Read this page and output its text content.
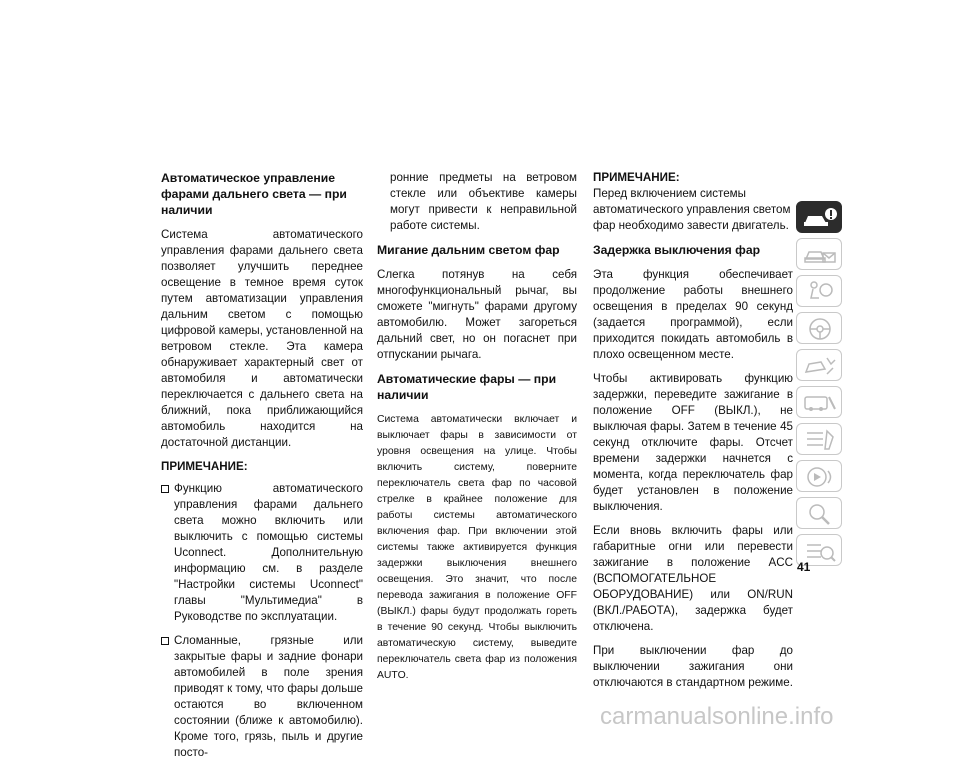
Автоматическое управление фарами дальнего света — при наличии

Система автоматического управления фарами дальнего света позволяет улучшить переднее освещение в темное время суток путем автоматизации управления дальним светом с помощью цифровой камеры, установленной на ветровом стекле. Эта камера обнаруживает характерный свет от автомобиля и автоматически переключается с дальнего света на ближний, пока приближающийся автомобиль находится на достаточной дистанции.

ПРИМЕЧАНИЕ:
Функцию автоматического управления фарами дальнего света можно включить или выключить с помощью системы Uconnect. Дополнительную информацию см. в разделе "Настройки системы Uconnect" главы "Мультимедиа" в Руководстве по эксплуатации.
Сломанные, грязные или закрытые фары и задние фонари автомобилей в поле зрения приводят к тому, что фары дольше остаются во включенном состоянии (ближе к автомобилю). Кроме того, грязь, пыль и другие посто-

ронние предметы на ветровом стекле или объективе камеры могут привести к неправильной работе системы.

Мигание дальним светом фар

Слегка потянув на себя многофункциональный рычаг, вы сможете "мигнуть" фарами другому автомобилю. Может загореться дальний свет, но он погаснет при отпускании рычага.

Автоматические фары — при наличии

Система автоматически включает и выключает фары в зависимости от уровня освещения на улице. Чтобы включить систему, поверните переключатель света фар по часовой стрелке в крайнее положение для работы системы автоматического включения фар. При включении этой системы также активируется функция задержки выключения внешнего освещения. Это значит, что после перевода зажигания в положение OFF (ВЫКЛ.) фары будут продолжать гореть в течение 90 секунд. Чтобы выключить автоматическую систему, выведите переключатель света фар из положения AUTO.

ПРИМЕЧАНИЕ:

Перед включением системы автоматического управления светом фар необходимо завести двигатель.

Задержка выключения фар

Эта функция обеспечивает продолжение работы внешнего освещения в пределах 90 секунд (задается программой), если приходится покидать автомобиль в плохо освещенном месте.

Чтобы активировать функцию задержки, переведите зажигание в положение OFF (ВЫКЛ.), не выключая фары. Затем в течение 45 секунд отключите фары. Отсчет времени задержки начнется с момента, когда переключатель фар будет установлен в положение выключения.

Если вновь включить фары или габаритные огни или перевести зажигание в положение ACC (ВСПОМОГАТЕЛЬНОЕ ОБОРУДОВАНИЕ) или ON/RUN (ВКЛ./РАБОТА), задержка будет отключена.

При выключении фар до выключении зажигания они отключаются в стандартном режиме.

41
carmanualsonline.info
